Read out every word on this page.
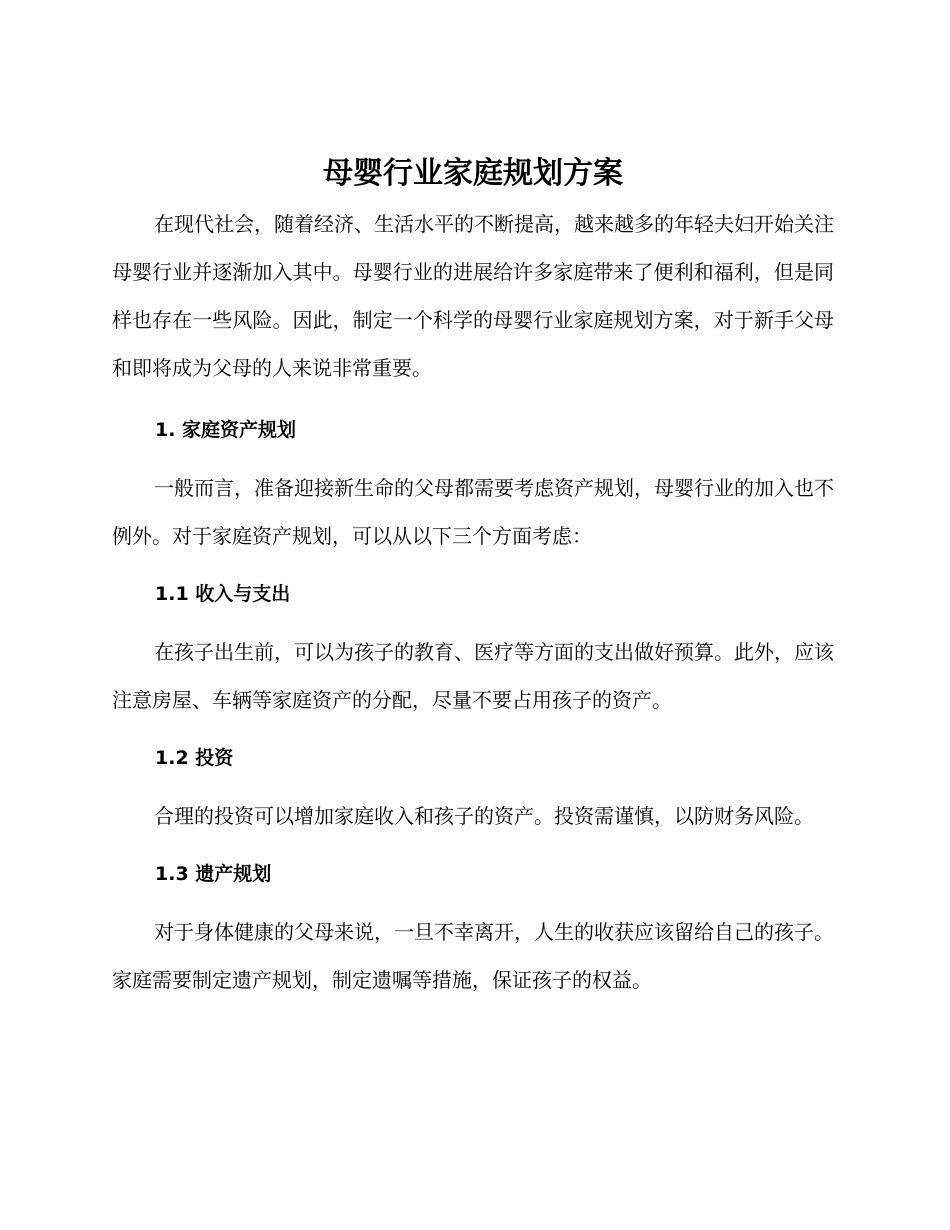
母婴行业家庭规划方案

在现代社会，随着经济、生活水平的不断提高，越来越多的年轻夫妇开始关注母婴行业并逐渐加入其中。母婴行业的进展给许多家庭带来了便利和福利，但是同样也存在一些风险。因此，制定一个科学的母婴行业家庭规划方案，对于新手父母和即将成为父母的人来说非常重要。

1. 家庭资产规划

一般而言，准备迎接新生命的父母都需要考虑资产规划，母婴行业的加入也不例外。对于家庭资产规划，可以从以下三个方面考虑：

1.1 收入与支出

在孩子出生前，可以为孩子的教育、医疗等方面的支出做好预算。此外，应该注意房屋、车辆等家庭资产的分配，尽量不要占用孩子的资产。

1.2 投资

合理的投资可以增加家庭收入和孩子的资产。投资需谨慎，以防财务风险。

1.3 遗产规划

对于身体健康的父母来说，一旦不幸离开，人生的收获应该留给自己的孩子。家庭需要制定遗产规划，制定遗嘱等措施，保证孩子的权益。
